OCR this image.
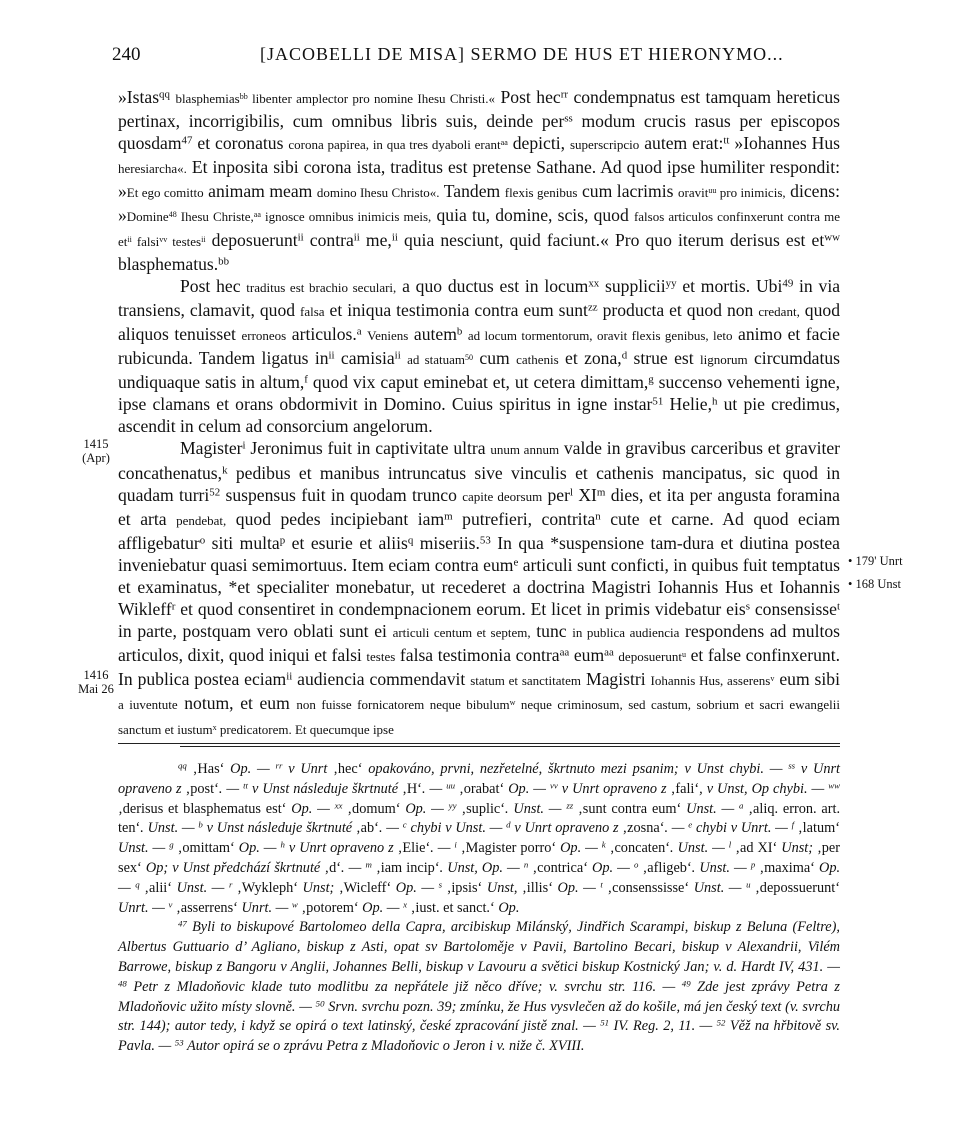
240	[JACOBELLI DE MISA] SERMO DE HUS ET HIERONYMO...

»Istas$^{qq}$ blasphemias$^{bb}$ libenter amplector pro nomine Ihesu Christi.« Post hec$^{rr}$ condempnatus est tamquam hereticus pertinax, incorrigibilis, cum omnibus libris suis, deinde per$^{ss}$ modum crucis rasus per episcopos quosdam$^{47}$ et coronatus corona papirea, in qua tres dyaboli erant$^{aa}$ depicti, superscripcio autem erat:$^{tt}$ »Iohannes Hus heresiarcha«. Et inposita sibi corona ista, traditus est pretense Sathane. Ad quod ipse humiliter respondit: »Et ego comitto animam meam domino Ihesu Christo«. Tandem flexis genibus cum lacrimis oravit$^{uu}$ pro inimicis, dicens: »Domine$^{48}$ Ihesu Christe,$^{aa}$ ignosce omnibus inimicis meis, quia tu, domine, scis, quod falsos articulos confinxerunt contra me $et^{ii}$ falsi$^{vv}$ testes$^{ii}$ deposuerunt$^{ii}$ contra$^{ii}$ me,$^{ii}$ quia nesciunt, quid faciunt.« Pro quo iterum derisus est $et^{ww}$ blasphematus.$^{bb}$

Post hec traditus est brachio seculari, a quo ductus est in locum$^{xx}$ supplicii$^{yy}$ et mortis. Ubi$^{49}$ in via transiens, clamavit, quod falsa et iniqua testimonia contra eum sunt$^{zz}$ producta et quod non credant, quod aliquos tenuisset erroneos articulos.$^a$ Veniens autem$^b$ ad locum tormentorum, oravit flexis genibus, leto animo et facie rubicunda. Tandem ligatus $in^{ii}$ camisia$^{ii}$ ad statuam$^{50}$ cum cathenis et zona,$^d$ strue est lignorum circumdatus undiquaque satis in altum,$^f$ quod vix caput eminebat et, ut cetera dimittam,$^g$ succenso vehementi igne, ipse clamans et orans obdormivit in Domino. Cuius spiritus in igne instar$^{51}$ Helie,$^h$ ut pie credimus, ascendit in celum ad consorcium angelorum.

Magister$^i$ Jeronimus fuit in captivitate ultra unum annum valde in gravibus carceribus et graviter concathenatus,$^k$ pedibus et manibus intruncatus sive vinculis et cathenis mancipatus, sic quod in quadam turri$^{52}$ suspensus fuit in quodam trunco capite deorsum per$^l$ $XI^m$ dies, et ita per angusta foramina et arta pendebat, quod pedes incipiebant iam$^m$ putrefieri, contrita$^n$ cute et carne. Ad quod eciam affligebatur$^o$ siti multa$^p$ et esurie et aliis$^q$ miseriis.$^{53}$ In qua *suspensione tam-dura et diutina postea inveniebatur quasi semimortuus. Item eciam contra eum$^e$ articuli sunt conficti, in quibus fuit temptatus et examinatus, *et specialiter monebatur, ut recederet a doctrina Magistri Iohannis Hus et Iohannis Wikleff$^r$ et quod consentiret in condempnacionem eorum. Et licet in primis videbatur eis$^s$ consensisse$^t$ in parte, postquam vero oblati sunt ei articuli centum et septem, tunc in publica audiencia respondens ad multos articulos, dixit, quod iniqui et falsi testes falsa testimonia contra$^{aa}$ eum$^{aa}$ deposuerunt$^u$ et false confinxerunt. In publica postea eciam$^{ii}$ audiencia commendavit statum et sanctitatem Magistri Iohannis Hus, asserens$^v$ eum sibi a iuventute notum, et eum non fuisse fornicatorem neque bibulum$^w$ neque criminosum, sed castum, sobrium et sacri ewangelii sanctum et iustum$^x$ predicatorem. Et quecumque ipse

1415
(Apr)
1416
Mai 26
• 179' Unrt
• 168 Unst

$^{qq}$ ‚Has‘ Op. — $^{rr}$ v Unrt ‚hec‘ opakováno, prvni, nezřetelné, škrtnuto mezi psanim; v Unst chybi. — $^{ss}$ v Unrt opraveno z ‚post‘. — $^{tt}$ v Unst následuje škrtnuté ‚H‘. — $^{uu}$ ‚orabat‘ Op. — $^{vv}$ v Unrt opraveno z ‚fali‘, v Unst, Op chybi. — $^{ww}$ ‚derisus et blasphematus est‘ Op. — $^{xx}$ ‚domum‘ Op. — $^{yy}$ ‚suplic‘. Unst. — $^{zz}$ ‚sunt contra eum‘ Unst. — $^a$ ‚aliq. erron. art. ten‘. Unst. — $^b$ v Unst následuje škrtnuté ‚ab‘. — $^c$ chybi v Unst. — $^d$ v Unrt opraveno z ‚zosna‘. — $^e$ chybi v Unrt. — $^f$ ‚latum‘ Unst. — $^g$ ‚omittam‘ Op. — $^h$ v Unrt opraveno z ‚Elie‘. — $^i$ ‚Magister porro‘ Op. — $^k$ ‚concaten‘. Unst. — $^l$ ‚ad XI‘ Unst; ‚per sex‘ Op; v Unst předchází škrtnuté ‚d‘. — $^m$ ‚iam incip‘. Unst, Op. — $^n$ ‚contrica‘ Op. — $^o$ ‚afligeb‘. Unst. — $^p$ ‚maxima‘ Op. — $^q$ ‚alii‘ Unst. — $^r$ ‚Wykleph‘ Unst; ‚Wicleff‘ Op. — $^s$ ‚ipsis‘ Unst, ‚illis‘ Op. — $^t$ ‚consenssisse‘ Unst. — $^u$ ‚depossuerunt‘ Unrt. — $^v$ ‚asserrens‘ Unrt. — $^w$ ‚potorem‘ Op. — $^x$ ‚iust. et sanct.‘ Op.

$^{47}$ Byli to biskupové Bartolomeo della Capra, arcibiskup Milánský, Jindřich Scarampi, biskup z Beluna (Feltre), Albertus Guttuario d’ Agliano, biskup z Asti, opat sv Bartoloměje v Pavii, Bartolino Becari, biskup v Alexandrii, Vilém Barrowe, biskup z Bangoru v Anglii, Johannes Belli, biskup v Lavouru a světici biskup Kostnický Jan; v. d. Hardt IV, 431. — $^{48}$ Petr z Mladoňovic klade tuto modlitbu za nepřátele již něco dříve; v. svrchu str. 116. — $^{49}$ Zde jest zprávy Petra z Mladoňovic užito místy slovně. — $^{50}$ Srvn. svrchu pozn. 39; zmínku, že Hus vysvlečen až do košile, má jen český text (v. svrchu str. 144); autor tedy, i když se opirá o text latinský, české zpracování jistě znal. — $^{51}$ IV. Reg. 2, 11. — $^{52}$ Věž na hřbitově sv. Pavla. — $^{53}$ Autor opirá se o zprávu Petra z Mladoňovic o Jeron i v. niže č. XVIII.
